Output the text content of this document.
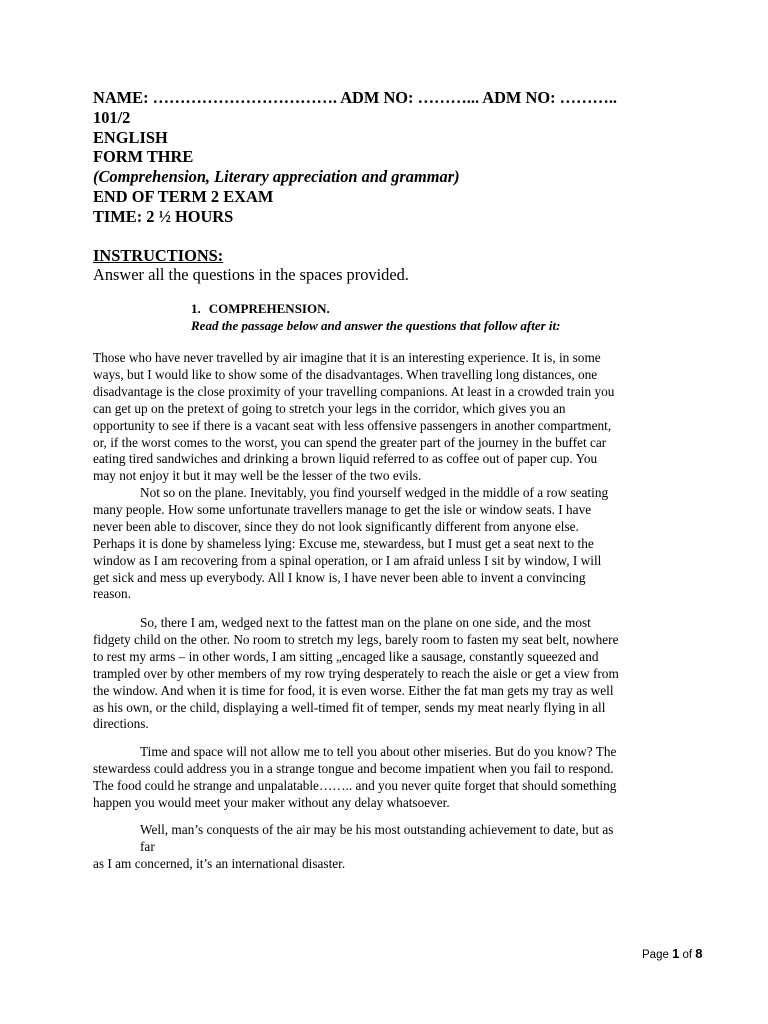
NAME: ……………………………. ADM NO: ………... ADM NO: ………..
101/2
ENGLISH
FORM THRE
(Comprehension, Literary appreciation and grammar)
END OF TERM 2 EXAM
TIME: 2 ½ HOURS
INSTRUCTIONS:
Answer all the questions in the spaces provided.
1. COMPREHENSION.
Read the passage below and answer the questions that follow after it:
Those who have never travelled by air imagine that it is an interesting experience. It is, in some
ways, but I would like to show some of the disadvantages. When travelling long distances, one
disadvantage is the close proximity of your travelling companions. At least in a crowded train you
can get up on the pretext of going to stretch your legs in the corridor, which gives you an
opportunity to see if there is a vacant seat with less offensive passengers in another compartment,
or, if the worst comes to the worst, you can spend the greater part of the journey in the buffet car
eating tired sandwiches and drinking a brown liquid referred to as coffee out of paper cup. You
may not enjoy it but it may well be the lesser of the two evils.
Not so on the plane. Inevitably, you find yourself wedged in the middle of a row seating
many people. How some unfortunate travellers manage to get the isle or window seats. I have
never been able to discover, since they do not look significantly different from anyone else.
Perhaps it is done by shameless lying: Excuse me, stewardess, but I must get a seat next to the
window as I am recovering from a spinal operation, or I am afraid unless I sit by window, I will
get sick and mess up everybody. All I know is, I have never been able to invent a convincing
reason.
So, there I am, wedged next to the fattest man on the plane on one side, and the most
fidgety child on the other. No room to stretch my legs, barely room to fasten my seat belt, nowhere
to rest my arms – in other words, I am sitting „encaged like a sausage, constantly squeezed and
trampled over by other members of my row trying desperately to reach the aisle or get a view from
the window. And when it is time for food, it is even worse. Either the fat man gets my tray as well
as his own, or the child, displaying a well-timed fit of temper, sends my meat nearly flying in all
directions.
Time and space will not allow me to tell you about other miseries. But do you know? The
stewardess could address you in a strange tongue and become impatient when you fail to respond.
The food could he strange and unpalatable…….. and you never quite forget that should something
happen you would meet your maker without any delay whatsoever.
Well, man’s conquests of the air may be his most outstanding achievement to date, but as
far
as I am concerned, it’s an international disaster.
Page 1 of 8
